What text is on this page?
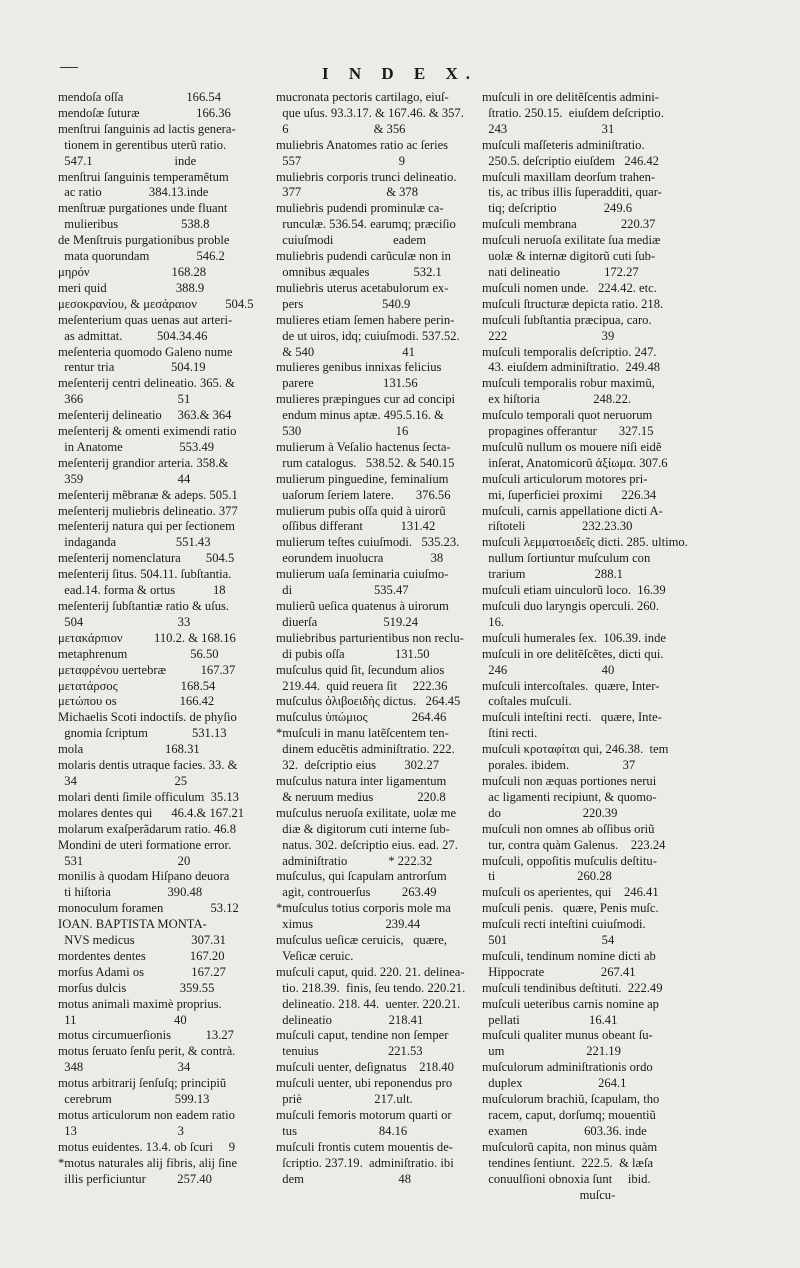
I N D E X.
mendoſa oſſa                    166.54
mendoſæ ſuturæ                  166.36
menſtrui ſanguinis ad lactis genera-
tionem in gerentibus uterũ ratio.
547.1                          inde
menſtrui ſanguinis temperamẽtum
ac ratio               384.13.inde
menſtruæ purgationes unde fluant
mulieribus                    538.8
de Menſtruis purgationibus proble
mata quorundam               546.2
μηρόν                          168.28
meri quid                      388.9
μεσοκρανίου, & μεσάραιον         504.5
meſenterium quas uenas aut arteri-
as admittat.           504.34.46
meſenteria quomodo Galeno nume
rentur tria                  504.19
meſenterij centri delineatio. 365. &
366                              51
meſenterij delineatio     363.& 364
meſenterij & omenti eximendi ratio
in Anatome                  553.49
meſenterij grandior arteria. 358.&
359                              44
meſenterij mẽbranæ & adeps. 505.1
meſenterij muliebris delineatio. 377
meſenterij natura qui per ſectionem
indaganda                   551.43
meſenterij nomenclatura        504.5
meſenterij ſitus. 504.11. ſubſtantia.
ead.14. forma & ortus            18
meſenterij ſubſtantiæ ratio & uſus.
504                              33
μετακάρπιον          110.2. & 168.16
metaphrenum                    56.50
μεταφρένου uertebræ           167.37
μετατάρσος                    168.54
μετώπου os                    166.42
Michaelis Scoti indoctiſs. de phyſio
gnomia ſcriptum              531.13
mola                          168.31
molaris dentis utraque facies. 33. &
34                               25
molari denti ſimile officulum  35.13
molares dentes qui      46.4.& 167.21
molarum exaſperãdarum ratio. 46.8
Mondini de uteri formatione error.
531                              20
monilis à quodam Hiſpano deuora
ti hiſtoria                  390.48
monoculum foramen               53.12
IOAN. BAPTISTA MONTA-
NVS medicus                  307.31
mordentes dentes              167.20
morſus Adami os               167.27
morſus dulcis                 359.55
motus animali maximè proprius.
11                               40
motus circumuerſionis           13.27
motus ſeruato ſenſu perit, & contrà.
348                              34
motus arbitrarij ſenſuſq; principiũ
cerebrum                    599.13
motus articulorum non eadem ratio
13                                3
motus euidentes. 13.4. ob ſcuri     9
*motus naturales alij fibris, alij ſine
illis perficiuntur          257.40
mucronata pectoris cartilago, eiuſ-
que uſus. 93.3.17. & 167.46. & 357.
6                           & 356
muliebris Anatomes ratio ac ſeries
557                               9
muliebris corporis trunci delineatio.
377                           & 378
muliebris pudendi prominulæ ca-
runculæ. 536.54. earumq; præciſio
cuiuſmodi                   eadem
muliebris pudendi carũculæ non in
omnibus æquales              532.1
muliebris uterus acetabulorum ex-
pers                         540.9
mulieres etiam ſemen habere perin-
de ut uiros, idq; cuiuſmodi. 537.52.
& 540                            41
mulieres genibus innixas felicius
parere                      131.56
mulieres præpingues cur ad concipi
endum minus aptæ. 495.5.16. &
530                              16
mulierum à Veſalio hactenus ſecta-
rum catalogus.   538.52. & 540.15
mulierum pinguedine, feminalium
uaſorum ſeriem latere.       376.56
mulierum pubis oſſa quid à uirorũ
oſſibus differant            131.42
mulierum teſtes cuiuſmodi.   535.23.
eorundem inuolucra               38
mulierum uaſa ſeminaria cuiuſmo-
di                          535.47
mulierũ ueſica quatenus à uirorum
diuerſa                     519.24
muliebribus parturientibus non reclu-
di pubis oſſa                131.50
muſculus quid ſit, ſecundum alios
219.44.  quid reuera ſit     222.36
muſculus ὀλιβοειδὴς dictus.   264.45
muſculus ὑπώμιος              264.46
*muſculi in manu latẽſcentem ten-
dinem educẽtis adminiſtratio. 222.
32.  deſcriptio eius         302.27
muſculus natura inter ligamentum
& neruum medius              220.8
muſculus neruoſa exilitate, uolæ me
diæ & digitorum cuti interne ſub-
natus. 302. deſcriptio eius. ead. 27.
adminiſtratio             * 222.32
muſculus, qui ſcapulam antrorſum
agit, controuerſus          263.49
*muſculus totius corporis mole ma
ximus                       239.44
muſculus ueſicæ ceruicis,   quære,
Veſicæ ceruic.
muſculi caput, quid. 220. 21. delinea-
tio. 218.39.  finis, ſeu tendo. 220.21.
delineatio. 218. 44.  uenter. 220.21.
delineatio                  218.41
muſculi caput, tendine non ſemper
tenuius                      221.53
muſculi uenter, deſignatus    218.40
muſculi uenter, ubi reponendus pro
priè                       217.ult.
muſculi femoris motorum quarti or
tus                          84.16
muſculi frontis cutem mouentis de-
ſcriptio. 237.19.  adminiſtratio. ibi
dem                              48
muſculi in ore delitẽſcentis admini-
ſtratio. 250.15.  eiuſdem deſcriptio.
243                              31
muſculi maſſeteris adminiſtratio.
250.5. deſcriptio eiuſdem   246.42
muſculi maxillam deorſum trahen-
tis, ac tribus illis ſuperadditi, quar-
tiq; deſcriptio               249.6
muſculi membrana              220.37
muſculi neruoſa exilitate ſua mediæ
uolæ & internæ digitorũ cuti ſub-
nati delineatio              172.27
muſculi nomen unde.   224.42. etc.
muſculi ſtructuræ depicta ratio. 218.
muſculi ſubſtantia præcipua, caro.
222                              39
muſculi temporalis deſcriptio. 247.
43. eiuſdem adminiſtratio.  249.48
muſculi temporalis robur maximũ,
ex hiſtoria                 248.22.
muſculo temporali quot neruorum
propagines offerantur       327.15
muſculũ nullum os mouere niſi eidẽ
inſerat, Anatomicorũ ἀξίωμα. 307.6
muſculi articulorum motores pri-
mi, ſuperficiei proximi      226.34
muſculi, carnis appellatione dicti A-
riſtoteli                  232.23.30
muſculi λεμματοειδεῖς dicti. 285. ultimo.
nullum ſortiuntur muſculum con
trarium                      288.1
muſculi etiam uinculorũ loco.  16.39
muſculi duo laryngis operculi. 260.
16.
muſculi humerales ſex.  106.39. inde
muſculi in ore delitẽſcẽtes, dicti qui.
246                              40
muſculi intercoſtales.  quære, Inter-
coſtales muſculi.
muſculi inteſtini recti.   quære, Inte-
ſtini recti.
muſculi κροταφίται qui, 246.38.  tem
porales. ibidem.                 37
muſculi non æquas portiones nerui
ac ligamenti recipiunt, & quomo-
do                          220.39
muſculi non omnes ab oſſibus oriũ
tur, contra quàm Galenus.    223.24
muſculi, oppoſitis muſculis deſtitu-
ti                          260.28
muſculi os aperientes, qui    246.41
muſculi penis.   quære, Penis muſc.
muſculi recti inteſtini cuiuſmodi.
501                              54
muſculi, tendinum nomine dicti ab
Hippocrate                  267.41
muſculi tendinibus deſtituti.  222.49
muſculi ueteribus carnis nomine ap
pellati                      16.41
muſculi qualiter munus obeant ſu-
um                          221.19
muſculorum adminiſtrationis ordo
duplex                        264.1
muſculorum brachiũ, ſcapulam, tho
racem, caput, dorſumq; mouentiũ
examen                  603.36. inde
muſculorũ capita, non minus quàm
tendines ſentiunt.  222.5.  & læſa
conuulſioni obnoxia ſunt     ibid.
muſcu-
